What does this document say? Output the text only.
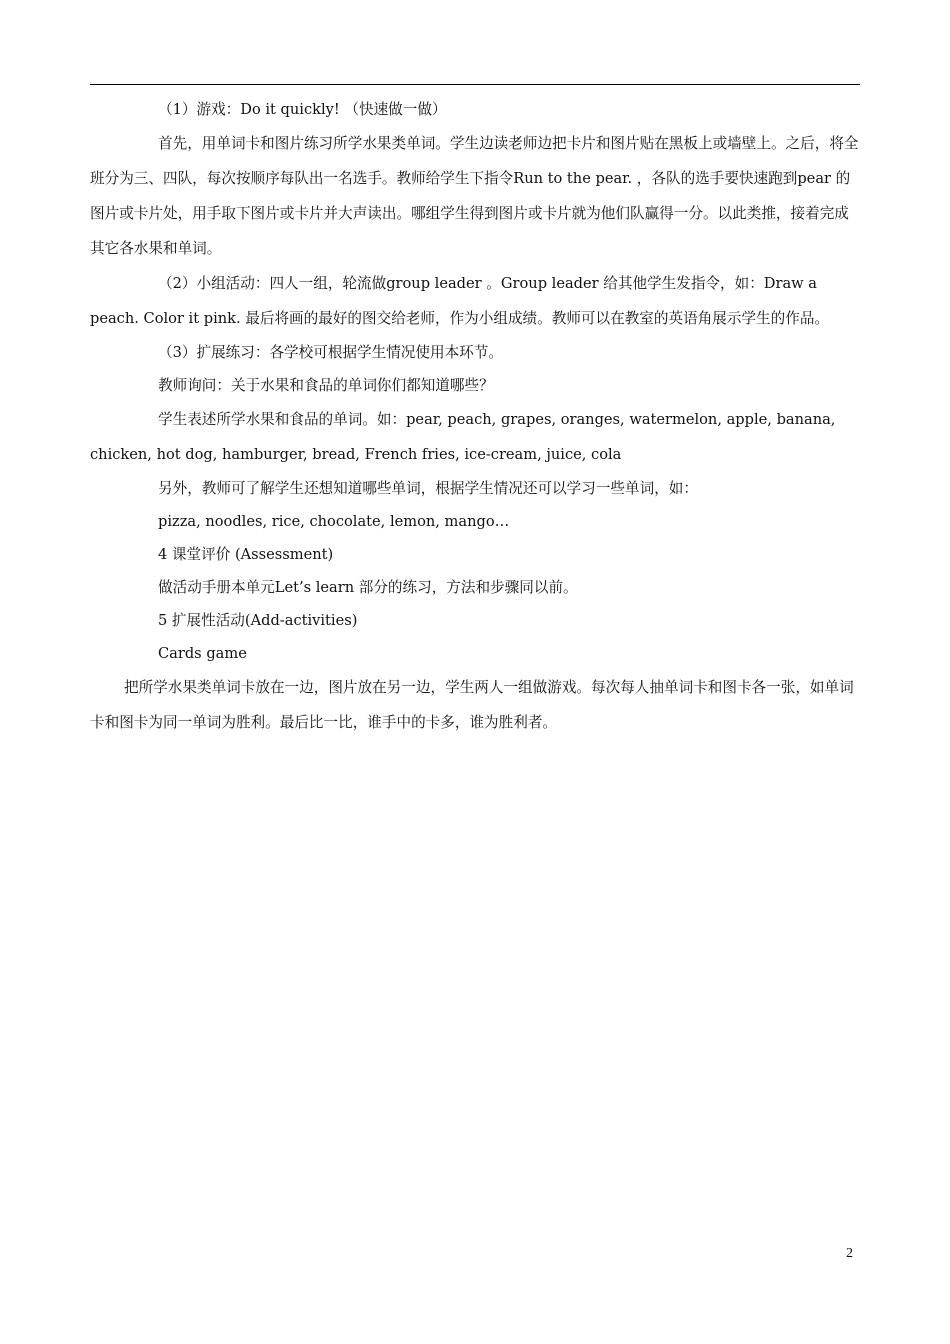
（1）游戏：Do it quickly! （快速做一做）

首先，用单词卡和图片练习所学水果类单词。学生边读老师边把卡片和图片贴在黑板上或墙壁上。之后，将全班分为三、四队，每次按顺序每队出一名选手。教师给学生下指令Run to the pear. ，各队的选手要快速跑到pear 的图片或卡片处，用手取下图片或卡片并大声读出。哪组学生得到图片或卡片就为他们队赢得一分。以此类推，接着完成其它各水果和单词。

（2）小组活动：四人一组，轮流做group leader 。Group leader 给其他学生发指令，如：Draw a peach. Color it pink. 最后将画的最好的图交给老师，作为小组成绩。教师可以在教室的英语角展示学生的作品。

（3）扩展练习：各学校可根据学生情况使用本环节。

教师询问：关于水果和食品的单词你们都知道哪些？

学生表述所学水果和食品的单词。如：pear, peach, grapes, oranges, watermelon, apple, banana, chicken, hot dog, hamburger, bread, French fries, ice-cream, juice, cola

另外，教师可了解学生还想知道哪些单词，根据学生情况还可以学习一些单词，如：

pizza, noodles, rice, chocolate, lemon, mango…

4 课堂评价 (Assessment)

做活动手册本单元Let’s learn 部分的练习，方法和步骤同以前。

5 扩展性活动(Add-activities)

Cards game

把所学水果类单词卡放在一边，图片放在另一边，学生两人一组做游戏。每次每人抽单词卡和图卡各一张，如单词卡和图卡为同一单词为胜利。最后比一比，谁手中的卡多，谁为胜利者。

2
